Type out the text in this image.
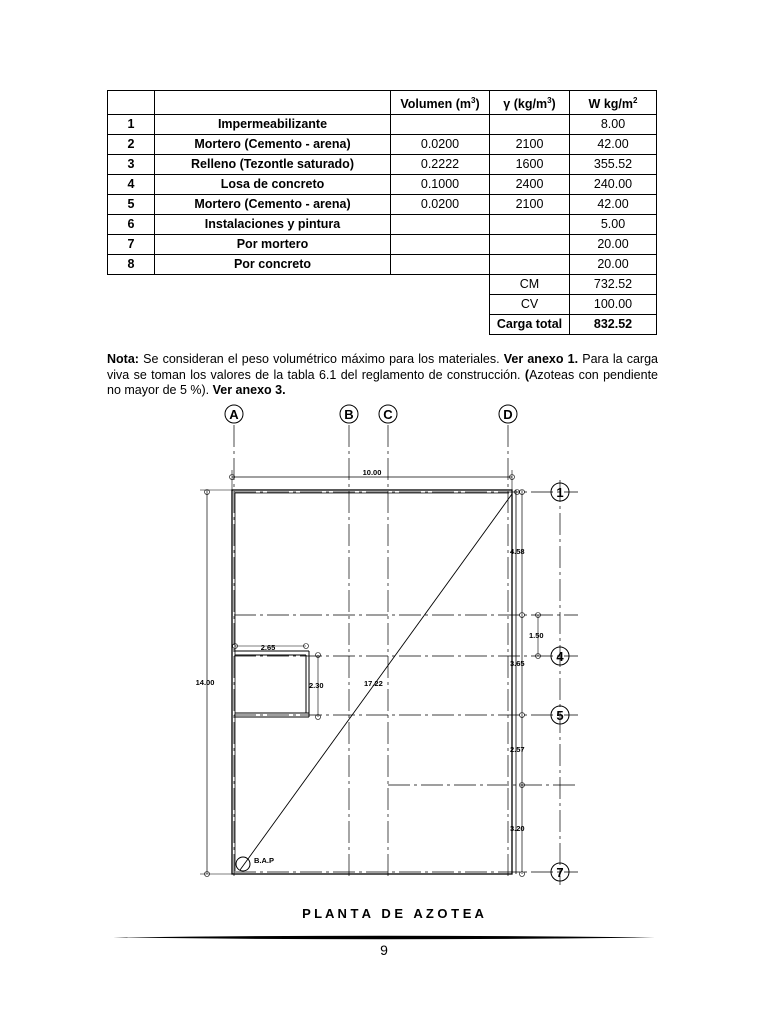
		Volumen $(m^3)$	γ $(kg/m^3)$	W $kg/m^2$
1	Impermeabilizante			8.00
2	Mortero (Cemento - arena)	0.0200	2100	42.00
3	Relleno (Tezontle saturado)	0.2222	1600	355.52
4	Losa de concreto	0.1000	2400	240.00
5	Mortero (Cemento - arena)	0.0200	2100	42.00
6	Instalaciones y pintura			5.00
7	Por mortero			20.00
8	Por concreto			20.00
			CM	732.52
			CV	100.00
			Carga total	832.52
Nota: Se consideran el peso volumétrico máximo para los materiales. Ver anexo 1. Para la carga viva se toman los valores de la tabla 6.1 del reglamento de construcción. (Azoteas con pendiente no mayor de 5 %). Ver anexo 3.
A	B C	D
1
4
5
7
10.00
14.00
4.58
1.50
3.65
2.57
3.20
2.65
2.30	17.22
B.A.P
P L A N T A   D E   A Z O T E A
9
